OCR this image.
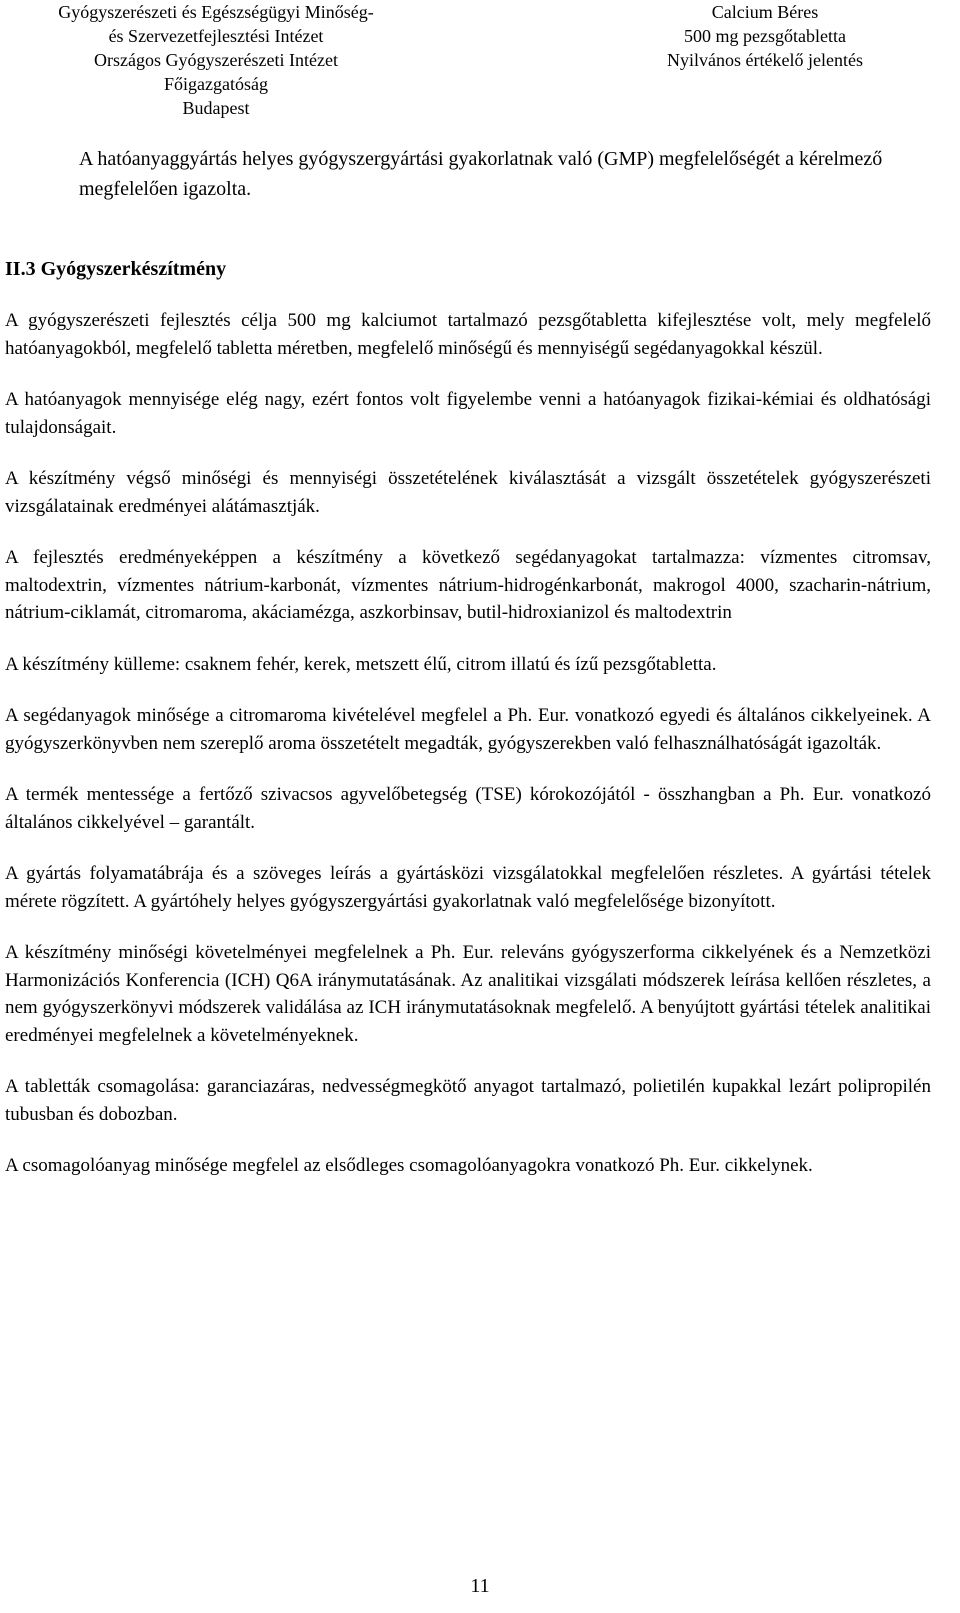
Gyógyszerészeti és Egészségügyi Minőség-
és Szervezetfejlesztési Intézet
Országos Gyógyszerészeti Intézet
Főigazgatóság
Budapest
Calcium Béres
500 mg pezsgőtabletta
Nyilvános értékelő jelentés
A hatóanyaggyártás helyes gyógyszergyártási gyakorlatnak való (GMP) megfelelőségét a kérelmező megfelelően igazolta.
II.3 Gyógyszerkészítmény

A gyógyszerészeti fejlesztés célja 500 mg kalciumot tartalmazó pezsgőtabletta kifejlesztése volt, mely megfelelő hatóanyagokból, megfelelő tabletta méretben, megfelelő minőségű és mennyiségű segédanyagokkal készül.

A hatóanyagok mennyisége elég nagy, ezért fontos volt figyelembe venni a hatóanyagok fizikai-kémiai és oldhatósági tulajdonságait.

A készítmény végső minőségi és mennyiségi összetételének kiválasztását a vizsgált összetételek gyógyszerészeti vizsgálatainak eredményei alátámasztják.

A fejlesztés eredményeképpen a készítmény a következő segédanyagokat tartalmazza: vízmentes citromsav, maltodextrin, vízmentes nátrium-karbonát, vízmentes nátrium-hidrogénkarbonát, makrogol 4000, szacharin-nátrium, nátrium-ciklamát, citromaroma, akáciamézga, aszkorbinsav, butil-hidroxianizol és maltodextrin

A készítmény külleme: csaknem fehér, kerek, metszett élű, citrom illatú és ízű pezsgőtabletta.

A segédanyagok minősége a citromaroma kivételével megfelel a Ph. Eur. vonatkozó egyedi és általános cikkelyeinek. A gyógyszerkönyvben nem szereplő aroma összetételt megadták, gyógyszerekben való felhasználhatóságát igazolták.

A termék mentessége a fertőző szivacsos agyvelőbetegség (TSE) kórokozójától - összhangban a Ph. Eur. vonatkozó általános cikkelyével – garantált.

A gyártás folyamatábrája és a szöveges leírás a gyártásközi vizsgálatokkal megfelelően részletes. A gyártási tételek mérete rögzített. A gyártóhely helyes gyógyszergyártási gyakorlatnak való megfelelősége bizonyított.

A készítmény minőségi követelményei megfelelnek a Ph. Eur. releváns gyógyszerforma cikkelyének és a Nemzetközi Harmonizációs Konferencia (ICH) Q6A iránymutatásának. Az analitikai vizsgálati módszerek leírása kellően részletes, a nem gyógyszerkönyvi módszerek validálása az ICH iránymutatásoknak megfelelő. A benyújtott gyártási tételek analitikai eredményei megfelelnek a követelményeknek.

A tabletták csomagolása: garanciazáras, nedvességmegkötő anyagot tartalmazó, polietilén kupakkal lezárt polipropilén tubusban és dobozban.

A csomagolóanyag minősége megfelel az elsődleges csomagolóanyagokra vonatkozó Ph. Eur. cikkelynek.

11
